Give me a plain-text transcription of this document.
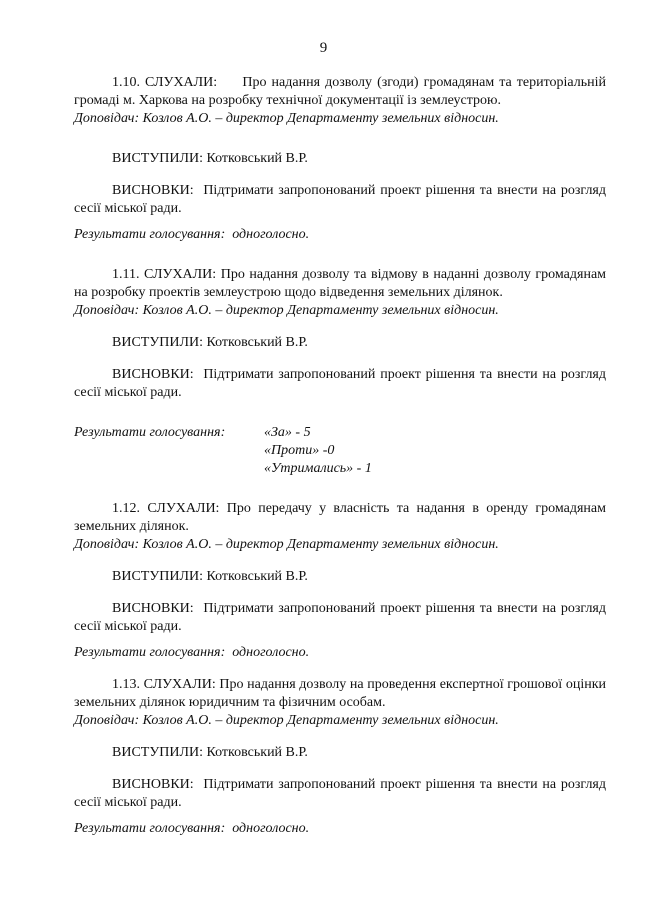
9

1.10. СЛУХАЛИ: Про надання дозволу (згоди) громадянам та територіальній громаді м. Харкова на розробку технічної документації із землеустрою.

Доповідач: Козлов А.О. – директор Департаменту земельних відносин.

ВИСТУПИЛИ: Котковський В.Р.

ВИСНОВКИ: Підтримати запропонований проект рішення та внести на розгляд сесії міської ради.

Результати голосування: одноголосно.

1.11. СЛУХАЛИ: Про надання дозволу та відмову в наданні дозволу громадянам на розробку проектів землеустрою щодо відведення земельних ділянок.

Доповідач: Козлов А.О. – директор Департаменту земельних відносин.

ВИСТУПИЛИ: Котковський В.Р.

ВИСНОВКИ: Підтримати запропонований проект рішення та внести на розгляд сесії міської ради.

Результати голосування:	«За» - 5
«Проти» -0
«Утримались» - 1

1.12. СЛУХАЛИ: Про передачу у власність та надання в оренду громадянам земельних ділянок.

Доповідач: Козлов А.О. – директор Департаменту земельних відносин.

ВИСТУПИЛИ: Котковський В.Р.

ВИСНОВКИ: Підтримати запропонований проект рішення та внести на розгляд сесії міської ради.

Результати голосування: одноголосно.

1.13. СЛУХАЛИ: Про надання дозволу на проведення експертної грошової оцінки земельних ділянок юридичним та фізичним особам.

Доповідач: Козлов А.О. – директор Департаменту земельних відносин.

ВИСТУПИЛИ: Котковський В.Р.

ВИСНОВКИ: Підтримати запропонований проект рішення та внести на розгляд сесії міської ради.

Результати голосування: одноголосно.
